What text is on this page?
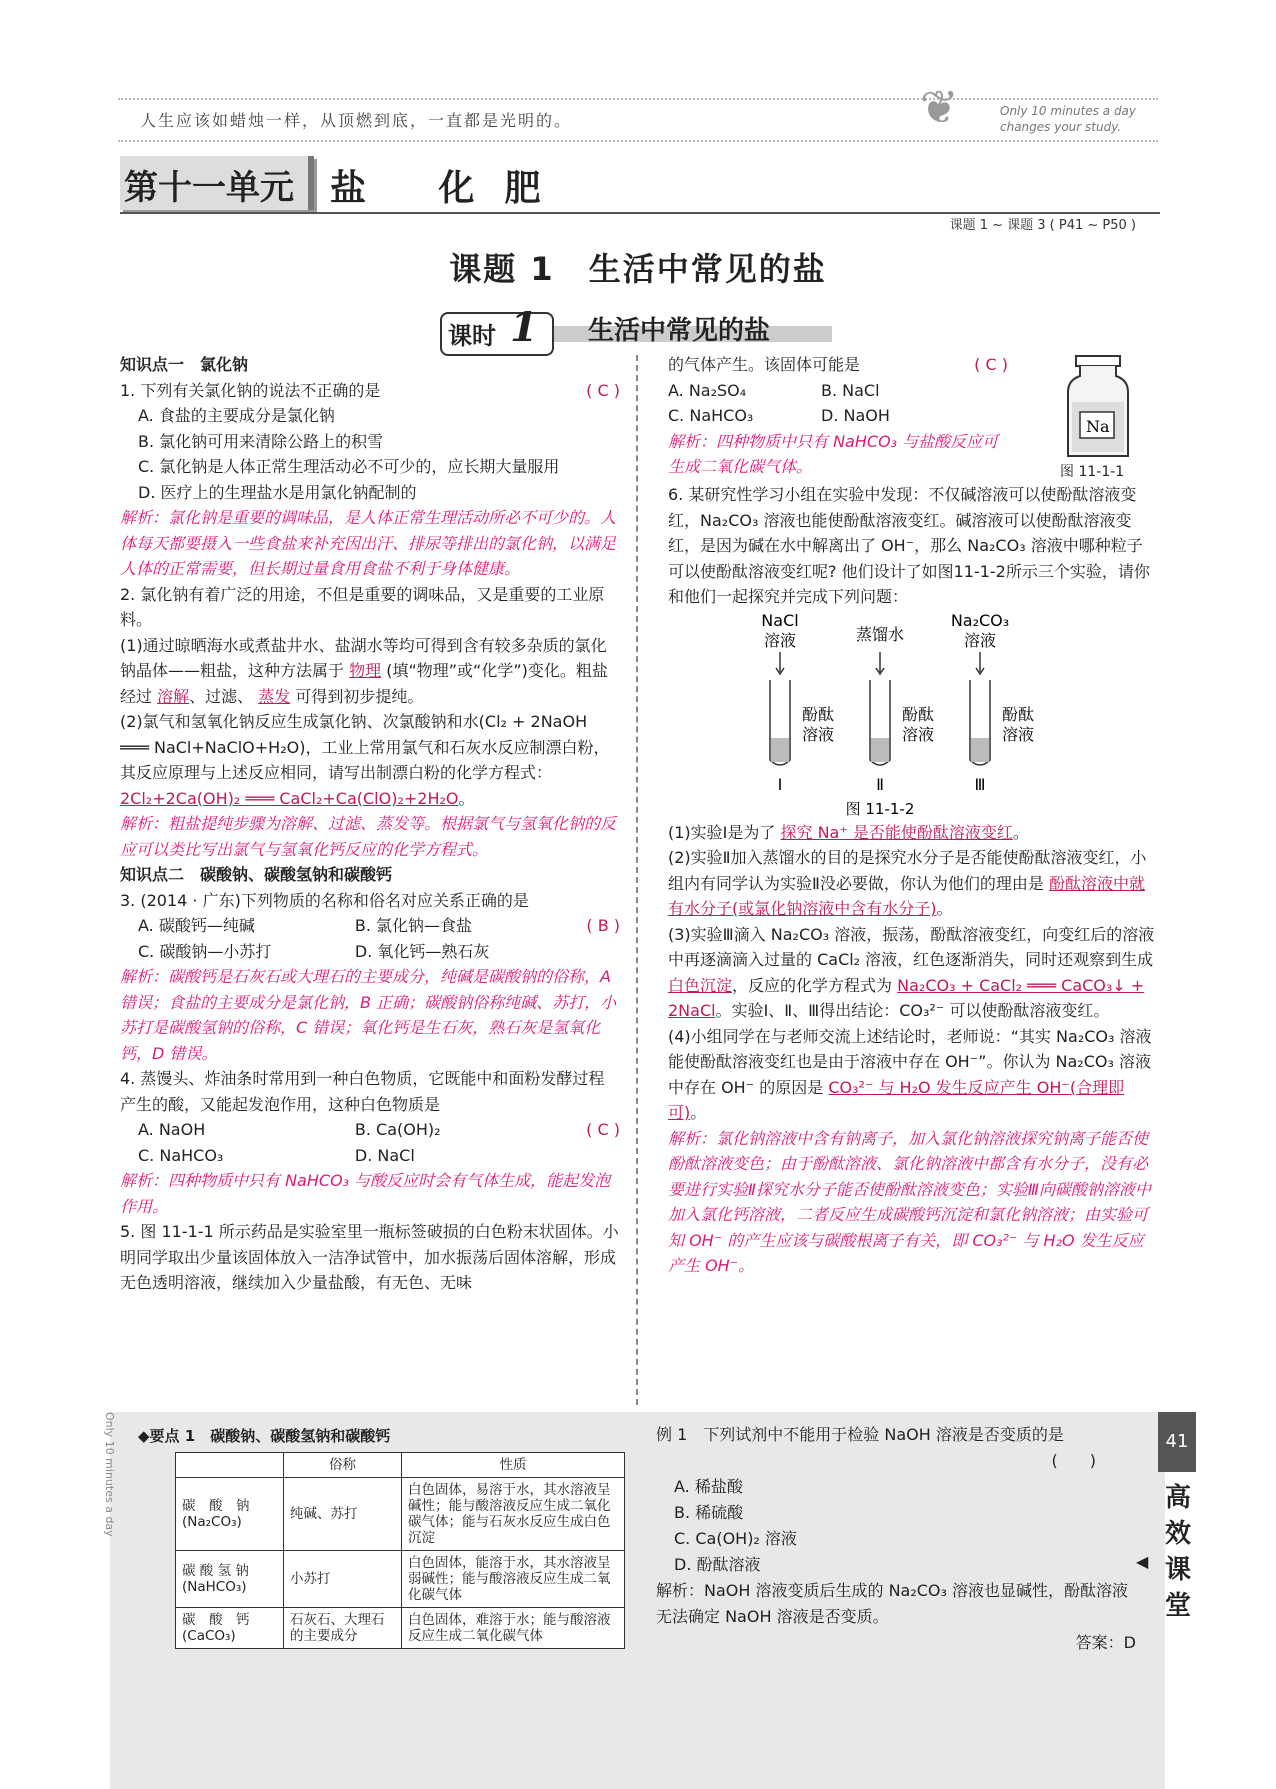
人生应该如蜡烛一样，从顶燃到底，一直都是光明的。	❦	Only 10 minutes a day
changes your study.
第十一单元 盐 化肥
课题 1 ~ 课题 3 ( P41 ~ P50 )
课题 1　生活中常见的盐
课时 1 生活中常见的盐

知识点一　氯化钠

1. 下列有关氯化钠的说法不正确的是	( C )

A. 食盐的主要成分是氯化钠

B. 氯化钠可用来清除公路上的积雪

C. 氯化钠是人体正常生理活动必不可少的，应长期大量服用

D. 医疗上的生理盐水是用氯化钠配制的

解析：氯化钠是重要的调味品，是人体正常生理活动所必不可少的。人体每天都要摄入一些食盐来补充因出汗、排尿等排出的氯化钠，以满足人体的正常需要，但长期过量食用食盐不利于身体健康。

2. 氯化钠有着广泛的用途，不但是重要的调味品，又是重要的工业原料。

(1)通过晾晒海水或煮盐井水、盐湖水等均可得到含有较多杂质的氯化钠晶体——粗盐，这种方法属于 物理 (填“物理”或“化学”)变化。粗盐经过 溶解、过滤、 蒸发 可得到初步提纯。

(2)氯气和氢氧化钠反应生成氯化钠、次氯酸钠和水(Cl₂ + 2NaOH ═══ NaCl+NaClO+H₂O)，工业上常用氯气和石灰水反应制漂白粉，其反应原理与上述反应相同，请写出制漂白粉的化学方程式： 2Cl₂+2Ca(OH)₂ ═══ CaCl₂+Ca(ClO)₂+2H₂O。

解析：粗盐提纯步骤为溶解、过滤、蒸发等。根据氯气与氢氧化钠的反应可以类比写出氯气与氢氧化钙反应的化学方程式。

知识点二　碳酸钠、碳酸氢钠和碳酸钙

3. (2014 · 广东)下列物质的名称和俗名对应关系正确的是

( B )

A. 碳酸钙—纯碱	B. 氯化钠—食盐

C. 碳酸钠—小苏打	D. 氧化钙—熟石灰

解析：碳酸钙是石灰石或大理石的主要成分，纯碱是碳酸钠的俗称，A 错误；食盐的主要成分是氯化钠，B 正确；碳酸钠俗称纯碱、苏打，小苏打是碳酸氢钠的俗称，C 错误；氧化钙是生石灰，熟石灰是氢氧化钙，D 错误。

4. 蒸馒头、炸油条时常用到一种白色物质，它既能中和面粉发酵过程产生的酸，又能起发泡作用，这种白色物质是

( C )

A. NaOH	B. Ca(OH)₂

C. NaHCO₃	D. NaCl

解析：四种物质中只有 NaHCO₃ 与酸反应时会有气体生成，能起发泡作用。

5. 图 11-1-1 所示药品是实验室里一瓶标签破损的白色粉末状固体。小明同学取出少量该固体放入一洁净试管中，加水振荡后固体溶解，形成无色透明溶液，继续加入少量盐酸，有无色、无味

的气体产生。该固体可能是	( C )

A. Na₂SO₄	B. NaCl

C. NaHCO₃	D. NaOH

解析：四种物质中只有 NaHCO₃ 与盐酸反应可生成二氧化碳气体。

Na
图 11-1-1

6. 某研究性学习小组在实验中发现：不仅碱溶液可以使酚酞溶液变红，Na₂CO₃ 溶液也能使酚酞溶液变红。碱溶液可以使酚酞溶液变红，是因为碱在水中解离出了 OH⁻，那么 Na₂CO₃ 溶液中哪种粒子可以使酚酞溶液变红呢? 他们设计了如图11-1-2所示三个实验，请你和他们一起探究并完成下列问题：

NaCl
溶液	蒸馏水
Na₂CO₃
溶液
酚酞
溶液
酚酞
溶液
酚酞
溶液
Ⅰ	Ⅱ	Ⅲ
图 11-1-2

(1)实验Ⅰ是为了 探究 Na⁺ 是否能使酚酞溶液变红。

(2)实验Ⅱ加入蒸馏水的目的是探究水分子是否能使酚酞溶液变红，小组内有同学认为实验Ⅱ没必要做，你认为他们的理由是 酚酞溶液中就有水分子(或氯化钠溶液中含有水分子)。

(3)实验Ⅲ滴入 Na₂CO₃ 溶液，振荡，酚酞溶液变红，向变红后的溶液中再逐滴滴入过量的 CaCl₂ 溶液，红色逐渐消失，同时还观察到生成 白色沉淀，反应的化学方程式为 Na₂CO₃ + CaCl₂ ═══ CaCO₃↓ + 2NaCl。实验Ⅰ、Ⅱ、Ⅲ得出结论：CO₃²⁻ 可以使酚酞溶液变红。

(4)小组同学在与老师交流上述结论时，老师说：“其实 Na₂CO₃ 溶液能使酚酞溶液变红也是由于溶液中存在 OH⁻”。你认为 Na₂CO₃ 溶液中存在 OH⁻ 的原因是 CO₃²⁻ 与 H₂O 发生反应产生 OH⁻(合理即可)。

解析：氯化钠溶液中含有钠离子，加入氯化钠溶液探究钠离子能否使酚酞溶液变色；由于酚酞溶液、氯化钠溶液中都含有水分子，没有必要进行实验Ⅱ探究水分子能否使酚酞溶液变色；实验Ⅲ向碳酸钠溶液中加入氯化钙溶液，二者反应生成碳酸钙沉淀和氯化钠溶液；由实验可知 OH⁻ 的产生应该与碳酸根离子有关，即 CO₃²⁻ 与 H₂O 发生反应产生 OH⁻。

Only 10 minutes a day ◆要点 1　碳酸钠、碳酸氢钠和碳酸钙
	俗称	性质
碳　酸　钠 (Na₂CO₃)	纯碱、苏打	白色固体，易溶于水，其水溶液呈碱性；能与酸溶液反应生成二氧化碳气体；能与石灰水反应生成白色沉淀
碳 酸 氢 钠 (NaHCO₃)	小苏打	白色固体，能溶于水，其水溶液呈弱碱性；能与酸溶液反应生成二氧化碳气体
碳　酸　钙 (CaCO₃)	石灰石、大理石的主要成分	白色固体，难溶于水；能与酸溶液反应生成二氧化碳气体

例 1　下列试剂中不能用于检验 NaOH 溶液是否变质的是

(　　)

A. 稀盐酸

B. 稀硫酸

C. Ca(OH)₂ 溶液

D. 酚酞溶液

解析：NaOH 溶液变质后生成的 Na₂CO₃ 溶液也显碱性，酚酞溶液无法确定 NaOH 溶液是否变质。

答案：D

41
高
效
课
堂
◀
